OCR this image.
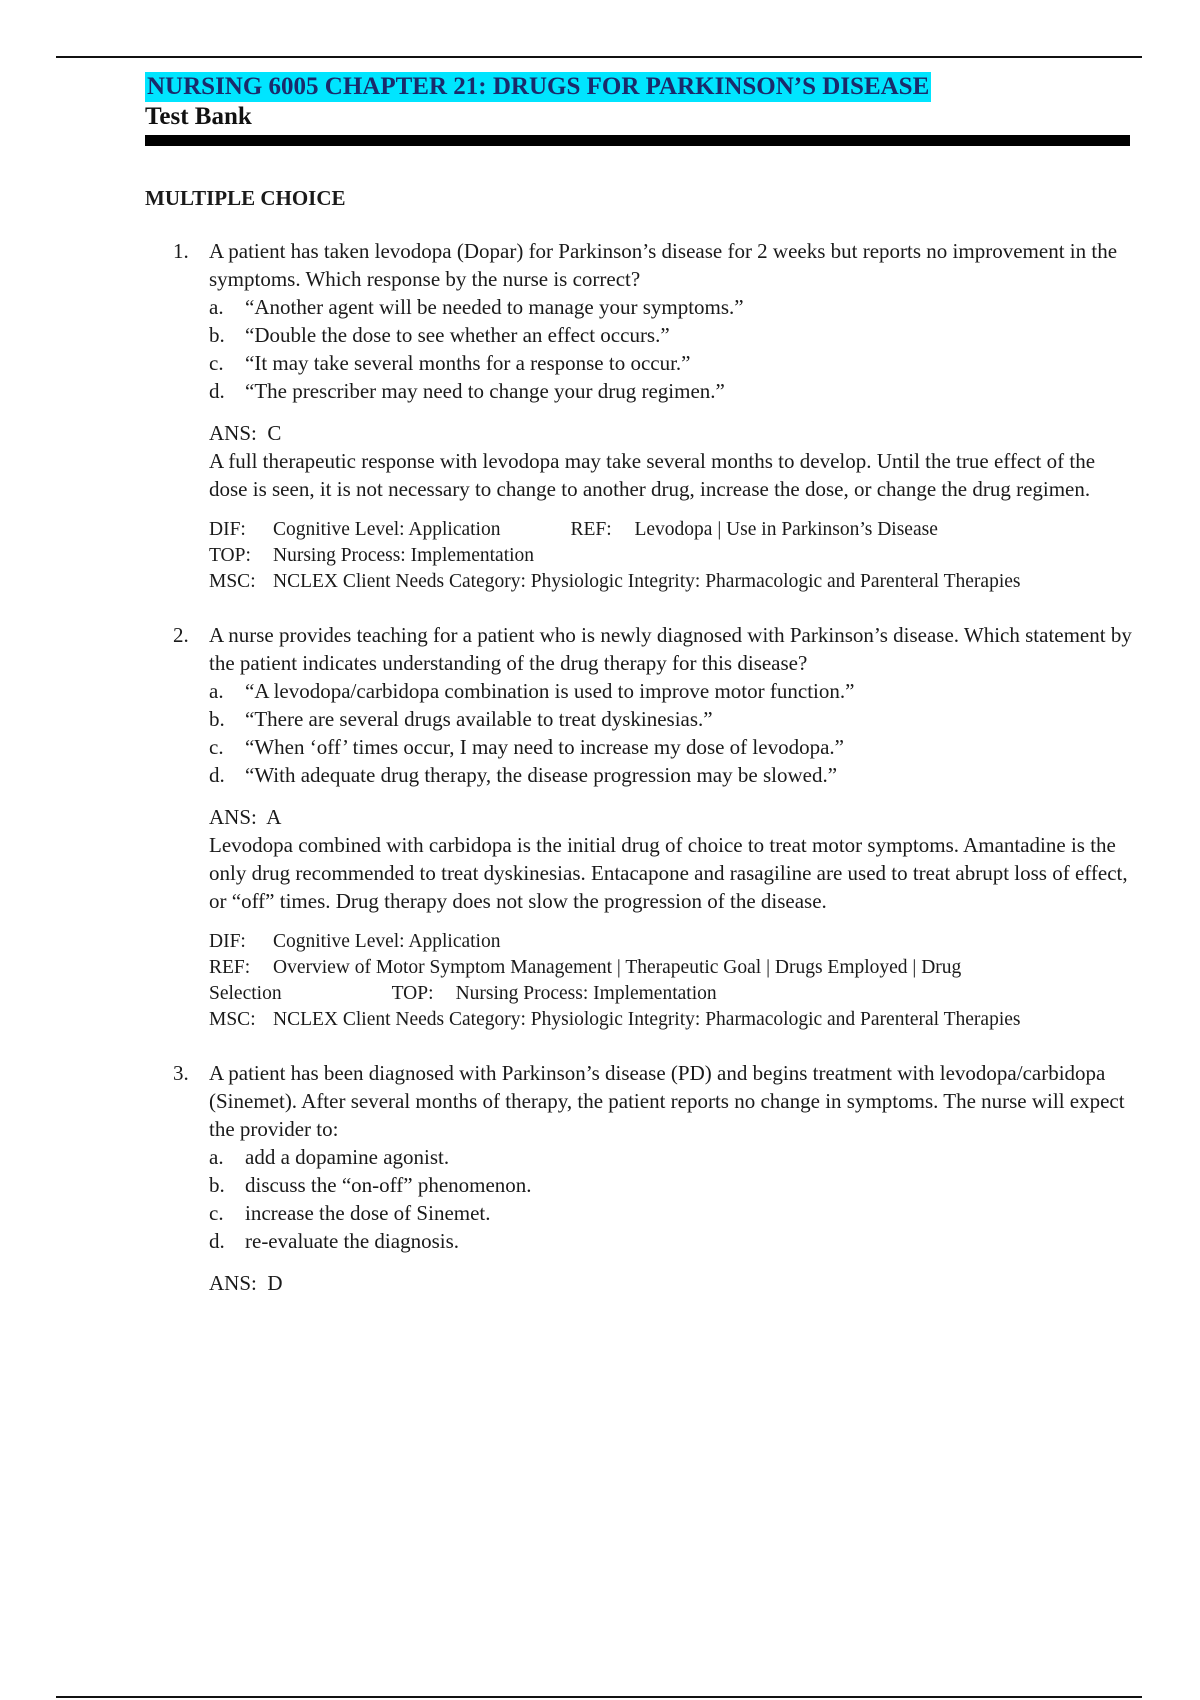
NURSING 6005 CHAPTER 21: DRUGS FOR PARKINSON’S DISEASE
Test Bank
MULTIPLE CHOICE
1. A patient has taken levodopa (Dopar) for Parkinson’s disease for 2 weeks but reports no improvement in the symptoms. Which response by the nurse is correct?

a. “Another agent will be needed to manage your symptoms.”
b. “Double the dose to see whether an effect occurs.”
c. “It may take several months for a response to occur.”
d. “The prescriber may need to change your drug regimen.”
ANS: C

A full therapeutic response with levodopa may take several months to develop. Until the true effect of the dose is seen, it is not necessary to change to another drug, increase the dose, or change the drug regimen.

DIF: Cognitive Level: Application	REF: Levodopa | Use in Parkinson’s Disease
TOP: Nursing Process: Implementation
MSC: NCLEX Client Needs Category: Physiologic Integrity: Pharmacologic and Parenteral Therapies
2. A nurse provides teaching for a patient who is newly diagnosed with Parkinson’s disease. Which statement by the patient indicates understanding of the drug therapy for this disease?

a. “A levodopa/carbidopa combination is used to improve motor function.”
b. “There are several drugs available to treat dyskinesias.”
c. “When ‘off’ times occur, I may need to increase my dose of levodopa.”
d. “With adequate drug therapy, the disease progression may be slowed.”
ANS: A

Levodopa combined with carbidopa is the initial drug of choice to treat motor symptoms. Amantadine is the only drug recommended to treat dyskinesias. Entacapone and rasagiline are used to treat abrupt loss of effect, or “off” times. Drug therapy does not slow the progression of the disease.

DIF: Cognitive Level: Application
REF: Overview of Motor Symptom Management | Therapeutic Goal | Drugs Employed | Drug
Selection	TOP: Nursing Process: Implementation
MSC: NCLEX Client Needs Category: Physiologic Integrity: Pharmacologic and Parenteral Therapies
3. A patient has been diagnosed with Parkinson’s disease (PD) and begins treatment with levodopa/carbidopa (Sinemet). After several months of therapy, the patient reports no change in symptoms. The nurse will expect the provider to:

a. add a dopamine agonist.
b. discuss the “on-off” phenomenon.
c. increase the dose of Sinemet.
d. re-evaluate the diagnosis.
ANS: D
